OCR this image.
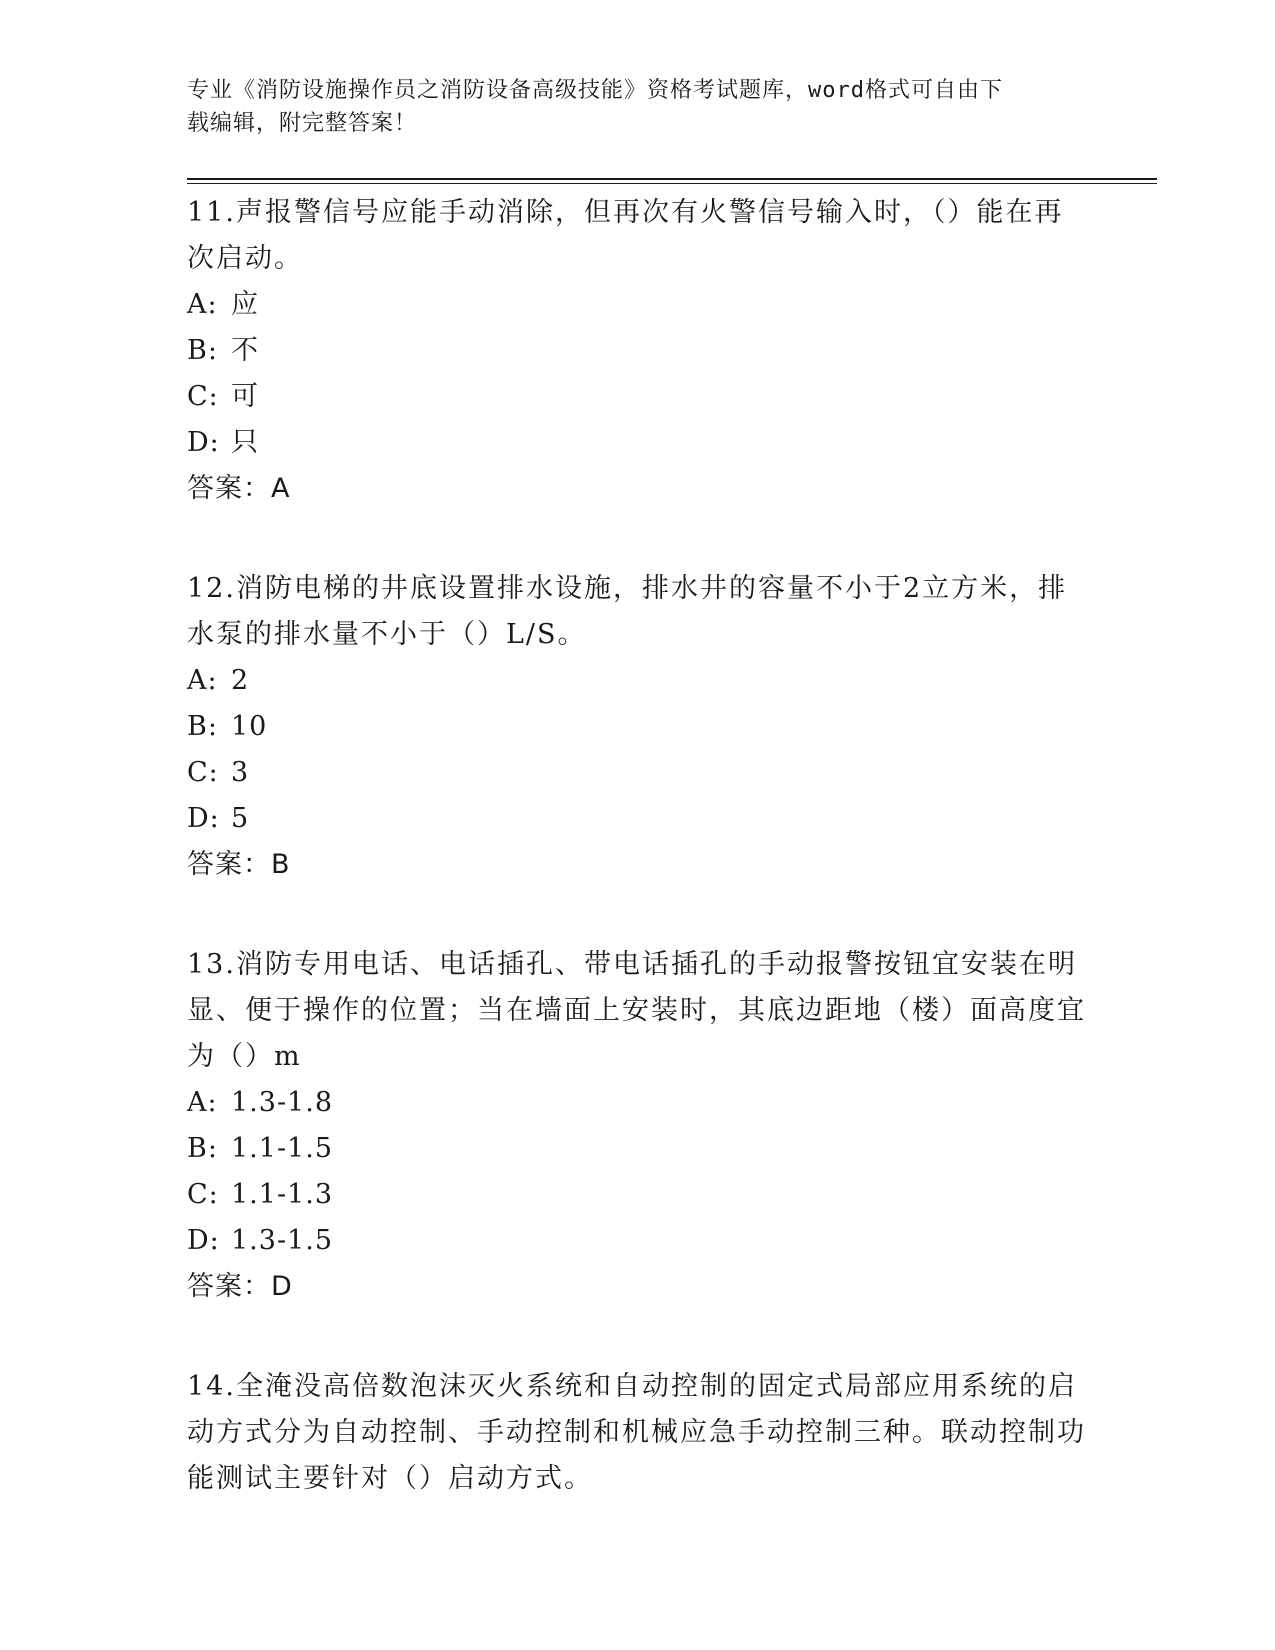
专业《消防设施操作员之消防设备高级技能》资格考试题库，word格式可自由下
载编辑，附完整答案！
11.声报警信号应能手动消除，但再次有火警信号输入时，（）能在再次启动。
A: 应
B: 不
C: 可
D: 只
答案：A
12.消防电梯的井底设置排水设施，排水井的容量不小于2立方米，排水泵的排水量不小于（）L/S。
A: 2
B: 10
C: 3
D: 5
答案：B
13.消防专用电话、电话插孔、带电话插孔的手动报警按钮宜安装在明显、便于操作的位置；当在墙面上安装时，其底边距地（楼）面高度宜为（）m
A: 1.3-1.8
B: 1.1-1.5
C: 1.1-1.3
D: 1.3-1.5
答案：D
14.全淹没高倍数泡沫灭火系统和自动控制的固定式局部应用系统的启动方式分为自动控制、手动控制和机械应急手动控制三种。联动控制功能测试主要针对（）启动方式。
